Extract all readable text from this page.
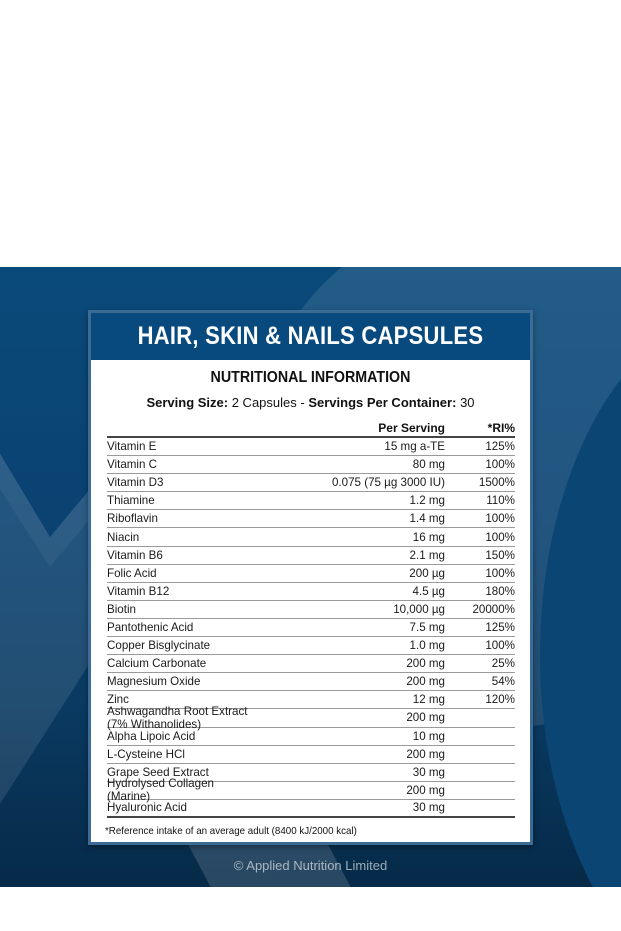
HAIR, SKIN & NAILS CAPSULES
NUTRITIONAL INFORMATION
Serving Size: 2 Capsules - Servings Per Container: 30
Per Serving	*RI%
Vitamin E	15 mg a-TE	125%
Vitamin C	80 mg	100%
Vitamin D3	0.075 (75 µg 3000 IU)	1500%
Thiamine	1.2 mg	110%
Riboflavin	1.4 mg	100%
Niacin	16 mg	100%
Vitamin B6	2.1 mg	150%
Folic Acid	200 µg	100%
Vitamin B12	4.5 µg	180%
Biotin	10,000 µg	20000%
Pantothenic Acid	7.5 mg	125%
Copper Bisglycinate	1.0 mg	100%
Calcium Carbonate	200 mg	25%
Magnesium Oxide	200 mg	54%
Zinc	12 mg	120%
Ashwagandha Root Extract (7% Withanolides)	200 mg
Alpha Lipoic Acid	10 mg
L-Cysteine HCl	200 mg
Grape Seed Extract	30 mg
Hydrolysed Collagen (Marine)	200 mg
Hyaluronic Acid	30 mg
*Reference intake of an average adult (8400 kJ/2000 kcal)
© Applied Nutrition Limited
